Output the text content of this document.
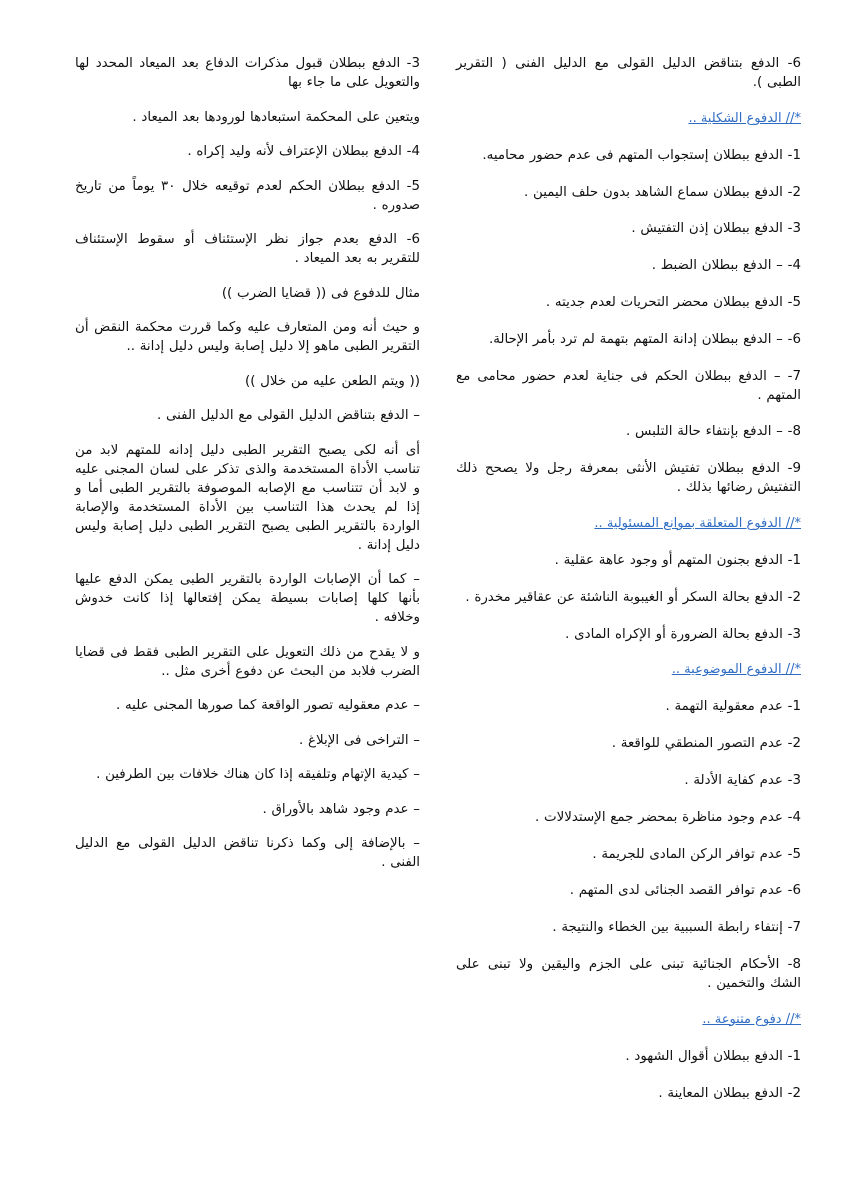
6- الدفع بتناقض الدليل القولى مع الدليل الفنى ( التقرير الطبى ).
*// الدفوع الشكلية ..
1- الدفع ببطلان إستجواب المتهم فى عدم حضور محاميه.
2- الدفع ببطلان سماع الشاهد بدون حلف اليمين .
3- الدفع ببطلان إذن التفتيش .
4- – الدفع ببطلان الضبط .
5- الدفع ببطلان محضر التحريات لعدم جديته .
6- – الدفع ببطلان إدانة المتهم بتهمة لم ترد بأمر الإحالة.
7- – الدفع ببطلان الحكم فى جناية لعدم حضور محامى مع المتهم .
8- – الدفع بإنتفاء حالة التلبس .
9- الدفع ببطلان تفتيش الأنثى بمعرفة رجل ولا يصحح ذلك التفتيش رضائها بذلك .
*// الدفوع المتعلقة بموانع المسئولية ..
1- الدفع بجنون المتهم أو وجود عاهة عقلية .
2- الدفع بحالة السكر أو الغيبوبة الناشئة عن عقاقير مخدرة .
3- الدفع بحالة الضرورة أو الإكراه المادى .
*// الدفوع الموضوعية ..
1- عدم معقولية التهمة .
2- عدم التصور المنطقي للواقعة .
3- عدم كفاية الأدلة .
4- عدم وجود مناظرة بمحضر جمع الإستدلالات .
5- عدم توافر الركن المادى للجريمة .
6- عدم توافر القصد الجنائى لدى المتهم .
7- إنتفاء رابطة السببية بين الخطاء والنتيجة .
8- الأحكام الجنائية تبنى على الجزم واليقين ولا تبنى على الشك والتخمين .
*// دفوع متنوعة ..
1- الدفع ببطلان أقوال الشهود .
2- الدفع ببطلان المعاينة .
3- الدفع ببطلان قبول مذكرات الدفاع بعد الميعاد المحدد لها والتعويل على ما جاء بها
ويتعين على المحكمة استبعادها لورودها بعد الميعاد .
4- الدفع ببطلان الإعتراف لأنه وليد إكراه .
5- الدفع ببطلان الحكم لعدم توقيعه خلال ٣٠ يوماً من تاريخ صدوره .
6- الدفع بعدم جواز نظر الإستئناف أو سقوط الإستئناف للتقرير به بعد الميعاد .
مثال للدفوع فى (( قضايا الضرب ))
و حيث أنه ومن المتعارف عليه وكما قررت محكمة النقض أن التقرير الطبى ماهو إلا دليل إصابة وليس دليل إدانة ..
(( ويتم الطعن عليه من خلال ))
– الدفع بتناقض الدليل القولى مع الدليل الفنى .
أى أنه لكى يصبح التقرير الطبى دليل إدانه للمتهم لابد من تناسب الأداة المستخدمة والذى تذكر على لسان المجنى عليه و لابد أن تتناسب مع الإصابه الموصوفة بالتقرير الطبى أما و إذا لم يحدث هذا التناسب بين الأداة المستخدمة والإصابة الواردة بالتقرير الطبى يصبح التقرير الطبى دليل إصابة وليس دليل إدانة .
– كما أن الإصابات الواردة بالتقرير الطبى يمكن الدفع عليها بأنها كلها إصابات بسيطة يمكن إفتعالها إذا كانت خدوش وخلافه .
و لا يقدح من ذلك التعويل على التقرير الطبى فقط فى قضايا الضرب فلابد من البحث عن دفوع أخرى مثل ..
– عدم معقوليه تصور الواقعة كما صورها المجنى عليه .
– التراخى فى الإبلاغ .
– كيدية الإتهام وتلفيقه إذا كان هناك خلافات بين الطرفين .
– عدم وجود شاهد بالأوراق .
– بالإضافة إلى وكما ذكرنا تناقض الدليل القولى مع الدليل الفنى .
